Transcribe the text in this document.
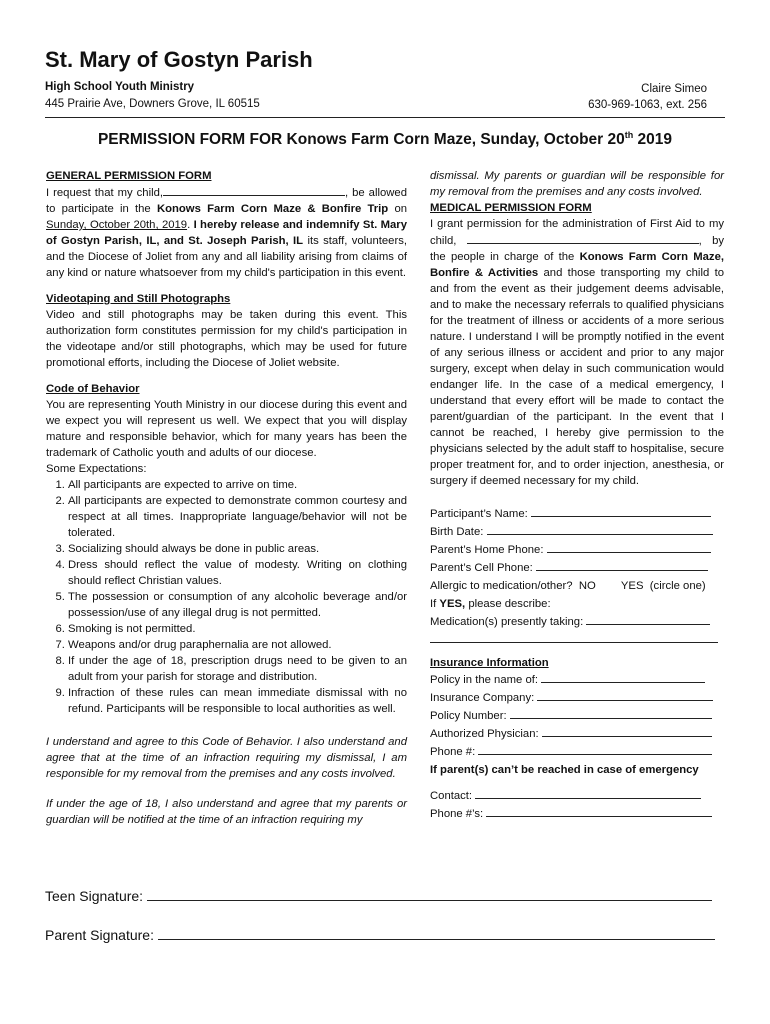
St. Mary of Gostyn Parish
High School Youth Ministry
445 Prairie Ave, Downers Grove, IL 60515
Claire Simeo
630-969-1063, ext. 256
PERMISSION FORM FOR Konows Farm Corn Maze, Sunday, October 20th 2019
GENERAL PERMISSION FORM

I request that my child,	, be allowed to participate in the Konows Farm Corn Maze & Bonfire Trip on Sunday, October 20th, 2019. I hereby release and indemnify St. Mary of Gostyn Parish, IL, and St. Joseph Parish, IL its staff, volunteers, and the Diocese of Joliet from any and all liability arising from claims of any kind or nature whatsoever from my child's participation in this event.

Videotaping and Still Photographs

Video and still photographs may be taken during this event. This authorization form constitutes permission for my child's participation in the videotape and/or still photographs, which may be used for future promotional efforts, including the Diocese of Joliet website.

Code of Behavior

You are representing Youth Ministry in our diocese during this event and we expect you will represent us well. We expect that you will display mature and responsible behavior, which for many years has been the trademark of Catholic youth and adults of our diocese.

Some Expectations:
1. All participants are expected to arrive on time.
2. All participants are expected to demonstrate common courtesy and respect at all times. Inappropriate language/behavior will not be tolerated.
3. Socializing should always be done in public areas.
4. Dress should reflect the value of modesty. Writing on clothing should reflect Christian values.
5. The possession or consumption of any alcoholic beverage and/or possession/use of any illegal drug is not permitted.
6. Smoking is not permitted.
7. Weapons and/or drug paraphernalia are not allowed.
8. If under the age of 18, prescription drugs need to be given to an adult from your parish for storage and distribution.
9. Infraction of these rules can mean immediate dismissal with no refund. Participants will be responsible to local authorities as well.

I understand and agree to this Code of Behavior. I also understand and agree that at the time of an infraction requiring my dismissal, I am responsible for my removal from the premises and any costs involved.

If under the age of 18, I also understand and agree that my parents or guardian will be notified at the time of an infraction requiring my

dismissal. My parents or guardian will be responsible for my removal from the premises and any costs involved.

MEDICAL PERMISSION FORM

I grant permission for the administration of First Aid to my child,	, by the people in charge of the Konows Farm Corn Maze, Bonfire & Activities and those transporting my child to and from the event as their judgement deems advisable, and to make the necessary referrals to qualified physicians for the treatment of illness or accidents of a more serious nature. I understand I will be promptly notified in the event of any serious illness or accident and prior to any major surgery, except when delay in such communication would endanger life. In the case of a medical emergency, I understand that every effort will be made to contact the parent/guardian of the participant. In the event that I cannot be reached, I hereby give permission to the physicians selected by the adult staff to hospitalise, secure proper treatment for, and to order injection, anesthesia, or surgery if deemed necessary for my child.

Participant’s Name:
Birth Date:
Parent’s Home Phone:
Parent’s Cell Phone:
Allergic to medication/other? NO YES (circle one)
If YES, please describe:
Medication(s) presently taking:
Insurance Information
Policy in the name of:
Insurance Company:
Policy Number:
Authorized Physician:
Phone #:
If parent(s) can’t be reached in case of emergency
Contact:
Phone #’s:
Teen Signature:
Parent Signature:
